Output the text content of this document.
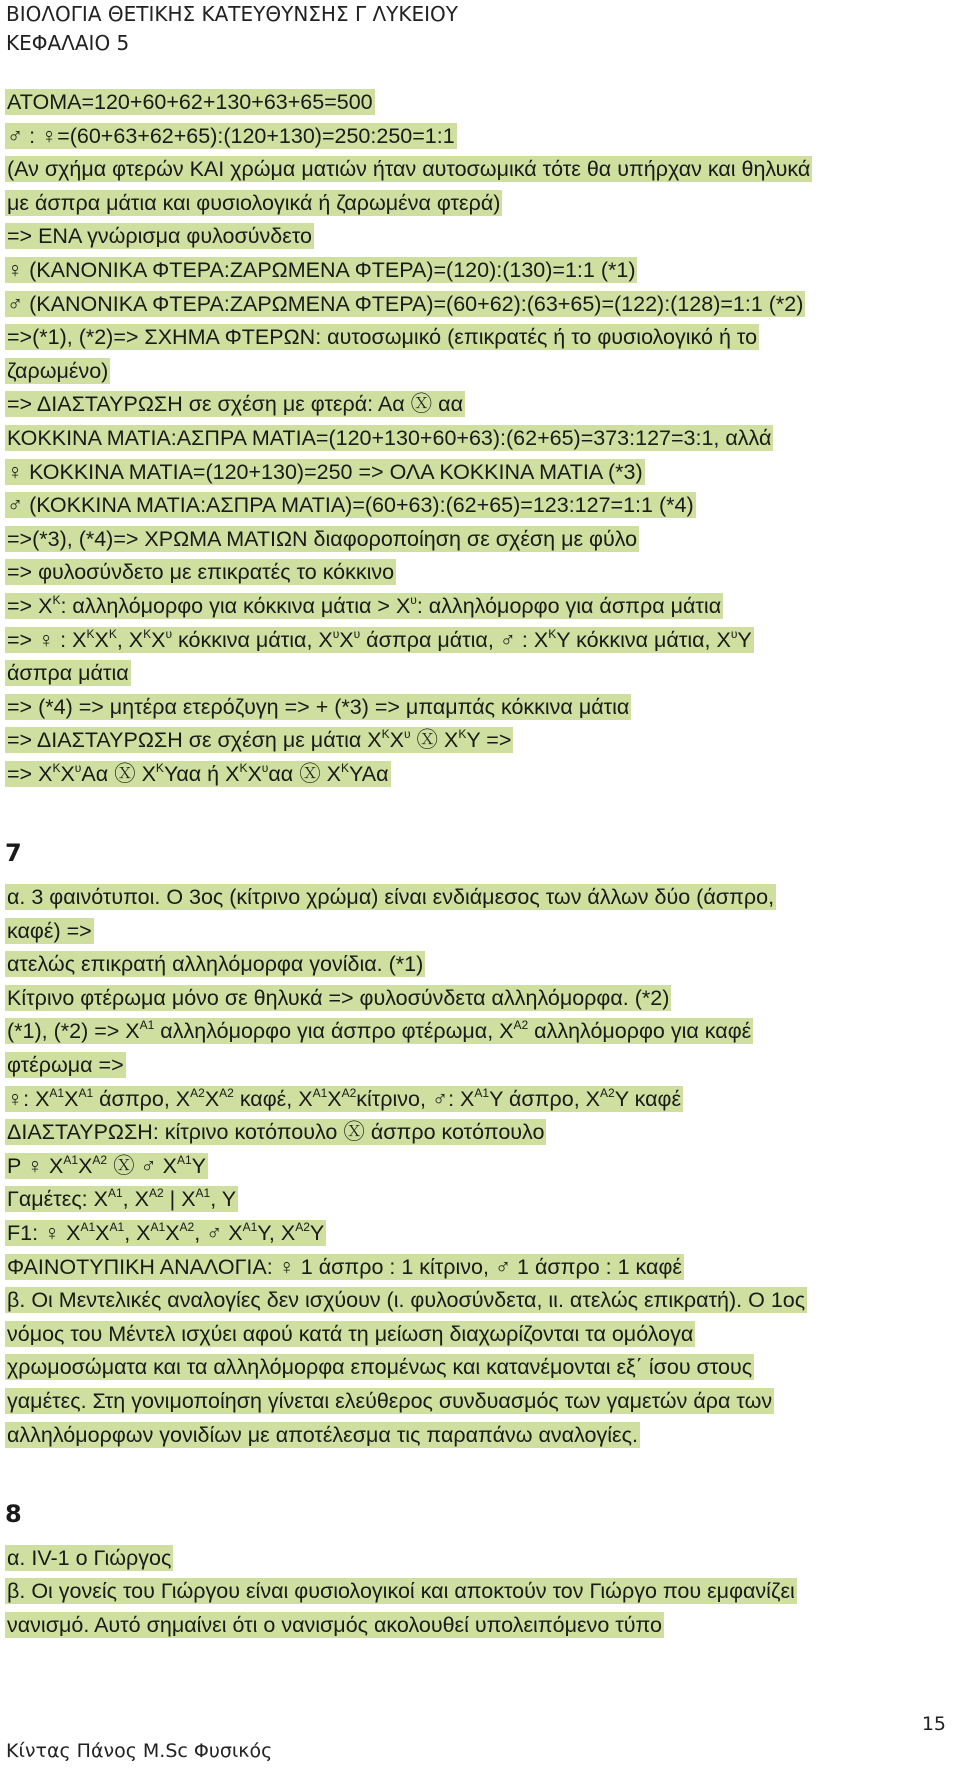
ΒΙΟΛΟΓΙΑ ΘΕΤΙΚΗΣ ΚΑΤΕΥΘΥΝΣΗΣ Γ ΛΥΚΕΙΟΥ
ΚΕΦΑΛΑΙΟ 5
ΑΤΟΜΑ=120+60+62+130+63+65=500
♂ : ♀=(60+63+62+65):(120+130)=250:250=1:1
(Αν σχήμα φτερών ΚΑΙ χρώμα ματιών ήταν αυτοσωμικά τότε θα υπήρχαν και θηλυκά
με άσπρα μάτια και φυσιολογικά ή ζαρωμένα φτερά)
=> ΕΝΑ γνώρισμα φυλοσύνδετο
♀ (ΚΑΝΟΝΙΚΑ ΦΤΕΡΑ:ΖΑΡΩΜΕΝΑ ΦΤΕΡΑ)=(120):(130)=1:1 (*1)
♂ (ΚΑΝΟΝΙΚΑ ΦΤΕΡΑ:ΖΑΡΩΜΕΝΑ ΦΤΕΡΑ)=(60+62):(63+65)=(122):(128)=1:1 (*2)
=>(*1), (*2)=> ΣΧΗΜΑ ΦΤΕΡΩΝ: αυτοσωμικό (επικρατές ή το φυσιολογικό ή το
ζαρωμένο)
=> ΔΙΑΣΤΑΥΡΩΣΗ σε σχέση με φτερά: Αα Ⓧ αα
ΚΟΚΚΙΝΑ ΜΑΤΙΑ:ΑΣΠΡΑ ΜΑΤΙΑ=(120+130+60+63):(62+65)=373:127=3:1, αλλά
♀ ΚΟΚΚΙΝΑ ΜΑΤΙΑ=(120+130)=250 => ΟΛΑ ΚΟΚΚΙΝΑ ΜΑΤΙΑ (*3)
♂ (ΚΟΚΚΙΝΑ ΜΑΤΙΑ:ΑΣΠΡΑ ΜΑΤΙΑ)=(60+63):(62+65)=123:127=1:1 (*4)
=>(*3), (*4)=> ΧΡΩΜΑ ΜΑΤΙΩΝ διαφοροποίηση σε σχέση με φύλο
=> φυλοσύνδετο με επικρατές το κόκκινο
=> $X^K$: αλληλόμορφο για κόκκινα $\mu ά\tau\iota\alpha > X^\upsilon$: αλληλόμορφο για άσπρα μάτια
=> ♀ : $X^KX^K$, $X^KX^\upsilon$ κόκκινα μάτια, $X^\upsilon X^\upsilon$ άσπρα μάτια, ♂ : $X^K\Upsilon$ κόκκινα μάτια, $X^\upsilon\Upsilon$
άσπρα μάτια
=> (*4) => μητέρα ετερόζυγη => + (*3) => μπαμπάς κόκκινα μάτια
=> ΔΙΑΣΤΑΥΡΩΣΗ σε σχέση με μάτια $X^KX^\upsilon$ Ⓧ $X^K\Upsilon$ =>
=> $X^KX^\upsilon A\alpha$ Ⓧ $X^K\Upsilon\alpha\alpha$ ή $X^KX^\upsilon\alpha\alpha$ Ⓧ $X^K\Upsilon A\alpha$
7
α. 3 φαινότυποι. Ο 3ος (κίτρινο χρώμα) είναι ενδιάμεσος των άλλων δύο (άσπρο,
καφέ) =>
ατελώς επικρατή αλληλόμορφα γονίδια. (*1)
Κίτρινο φτέρωμα μόνο σε θηλυκά => φυλοσύνδετα αλληλόμορφα. (*2)
(*1), $(*2) => X^{A1}$ αλληλόμορφο για άσπρο φτέρωμα, $X^{A2}$ αλληλόμορφο για καφέ
φτέρωμα =>
♀: $X^{A1}X^{A1}$ άσπρο, $X^{A2}X^{A2}$ καφέ, $X^{A1}X^{A2}\kappa ί\tau\rho\iota\nu o$, ♂: $X^{A1}\Upsilon$ άσπρο, $X^{A2}\Upsilon$ καφέ
ΔΙΑΣΤΑΥΡΩΣΗ: κίτρινο κοτόπουλο Ⓧ άσπρο κοτόπουλο
Ρ ♀ $X^{A1}X^{A2}$ Ⓧ ♂ $X^{A1}\Upsilon$
Γαμέτες: $X^{A1}$, $X^{A2}$ | $X^{A1}$, Υ
F1: ♀ $X^{A1}X^{A1}$, $X^{A1}X^{A2}$, ♂ $X^{A1}\Upsilon$, $X^{A2}\Upsilon$
ΦΑΙΝΟΤΥΠΙΚΗ ΑΝΑΛΟΓΙΑ: ♀ 1 άσπρο : 1 κίτρινο, ♂ 1 άσπρο : 1 καφέ
β. Οι Μεντελικές αναλογίες δεν ισχύουν (ι. φυλοσύνδετα, ιι. ατελώς επικρατή). Ο 1ος
νόμος του Μέντελ ισχύει αφού κατά τη μείωση διαχωρίζονται τα ομόλογα
χρωμοσώματα και τα αλληλόμορφα επομένως και κατανέμονται εξ΄ ίσου στους
γαμέτες. Στη γονιμοποίηση γίνεται ελεύθερος συνδυασμός των γαμετών άρα των
αλληλόμορφων γονιδίων με αποτέλεσμα τις παραπάνω αναλογίες.
8
α. IV-1 ο Γιώργος
β. Οι γονείς του Γιώργου είναι φυσιολογικοί και αποκτούν τον Γιώργο που εμφανίζει
νανισμό. Αυτό σημαίνει ότι ο νανισμός ακολουθεί υπολειπόμενο τύπο
15
Κίντας Πάνος M.Sc Φυσικός
